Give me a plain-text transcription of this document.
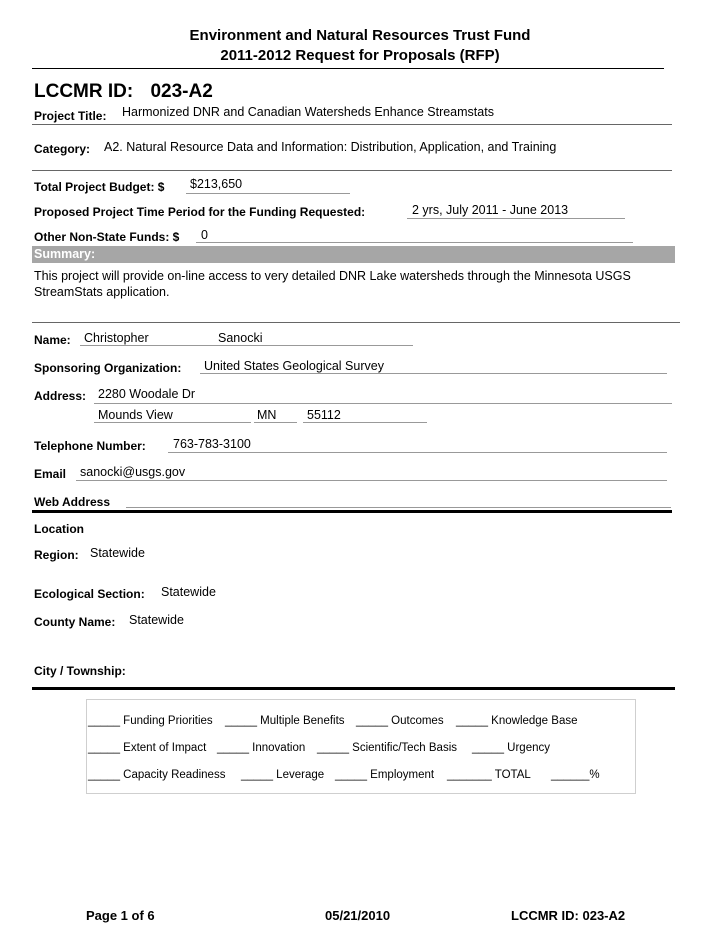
Environment and Natural Resources Trust Fund
2011-2012 Request for Proposals (RFP)
LCCMR ID: 023-A2
Project Title: Harmonized DNR and Canadian Watersheds Enhance Streamstats
Category: A2. Natural Resource Data and Information: Distribution, Application, and Training
Total Project Budget: $ $213,650
Proposed Project Time Period for the Funding Requested:	2 yrs, July 2011 - June 2013
Other Non-State Funds: $ 0
Summary:
This project will provide on-line access to very detailed DNR Lake watersheds through the Minnesota USGS
StreamStats application.
Name: Christopher	Sanocki
Sponsoring Organization: United States Geological Survey
Address: 2280 Woodale Dr
Mounds View	MN 55112
Telephone Number: 763-783-3100
Email sanocki@usgs.gov
Web Address
Location
Region: Statewide
Ecological Section: Statewide
County Name: Statewide
City / Township:
_____ Funding Priorities _____ Multiple Benefits _____ Outcomes _____ Knowledge Base
_____ Extent of Impact _____ Innovation _____ Scientific/Tech Basis _____ Urgency
_____ Capacity Readiness _____ Leverage _____ Employment _______ TOTAL ______%
Page 1 of 6	05/21/2010	LCCMR ID: 023-A2
